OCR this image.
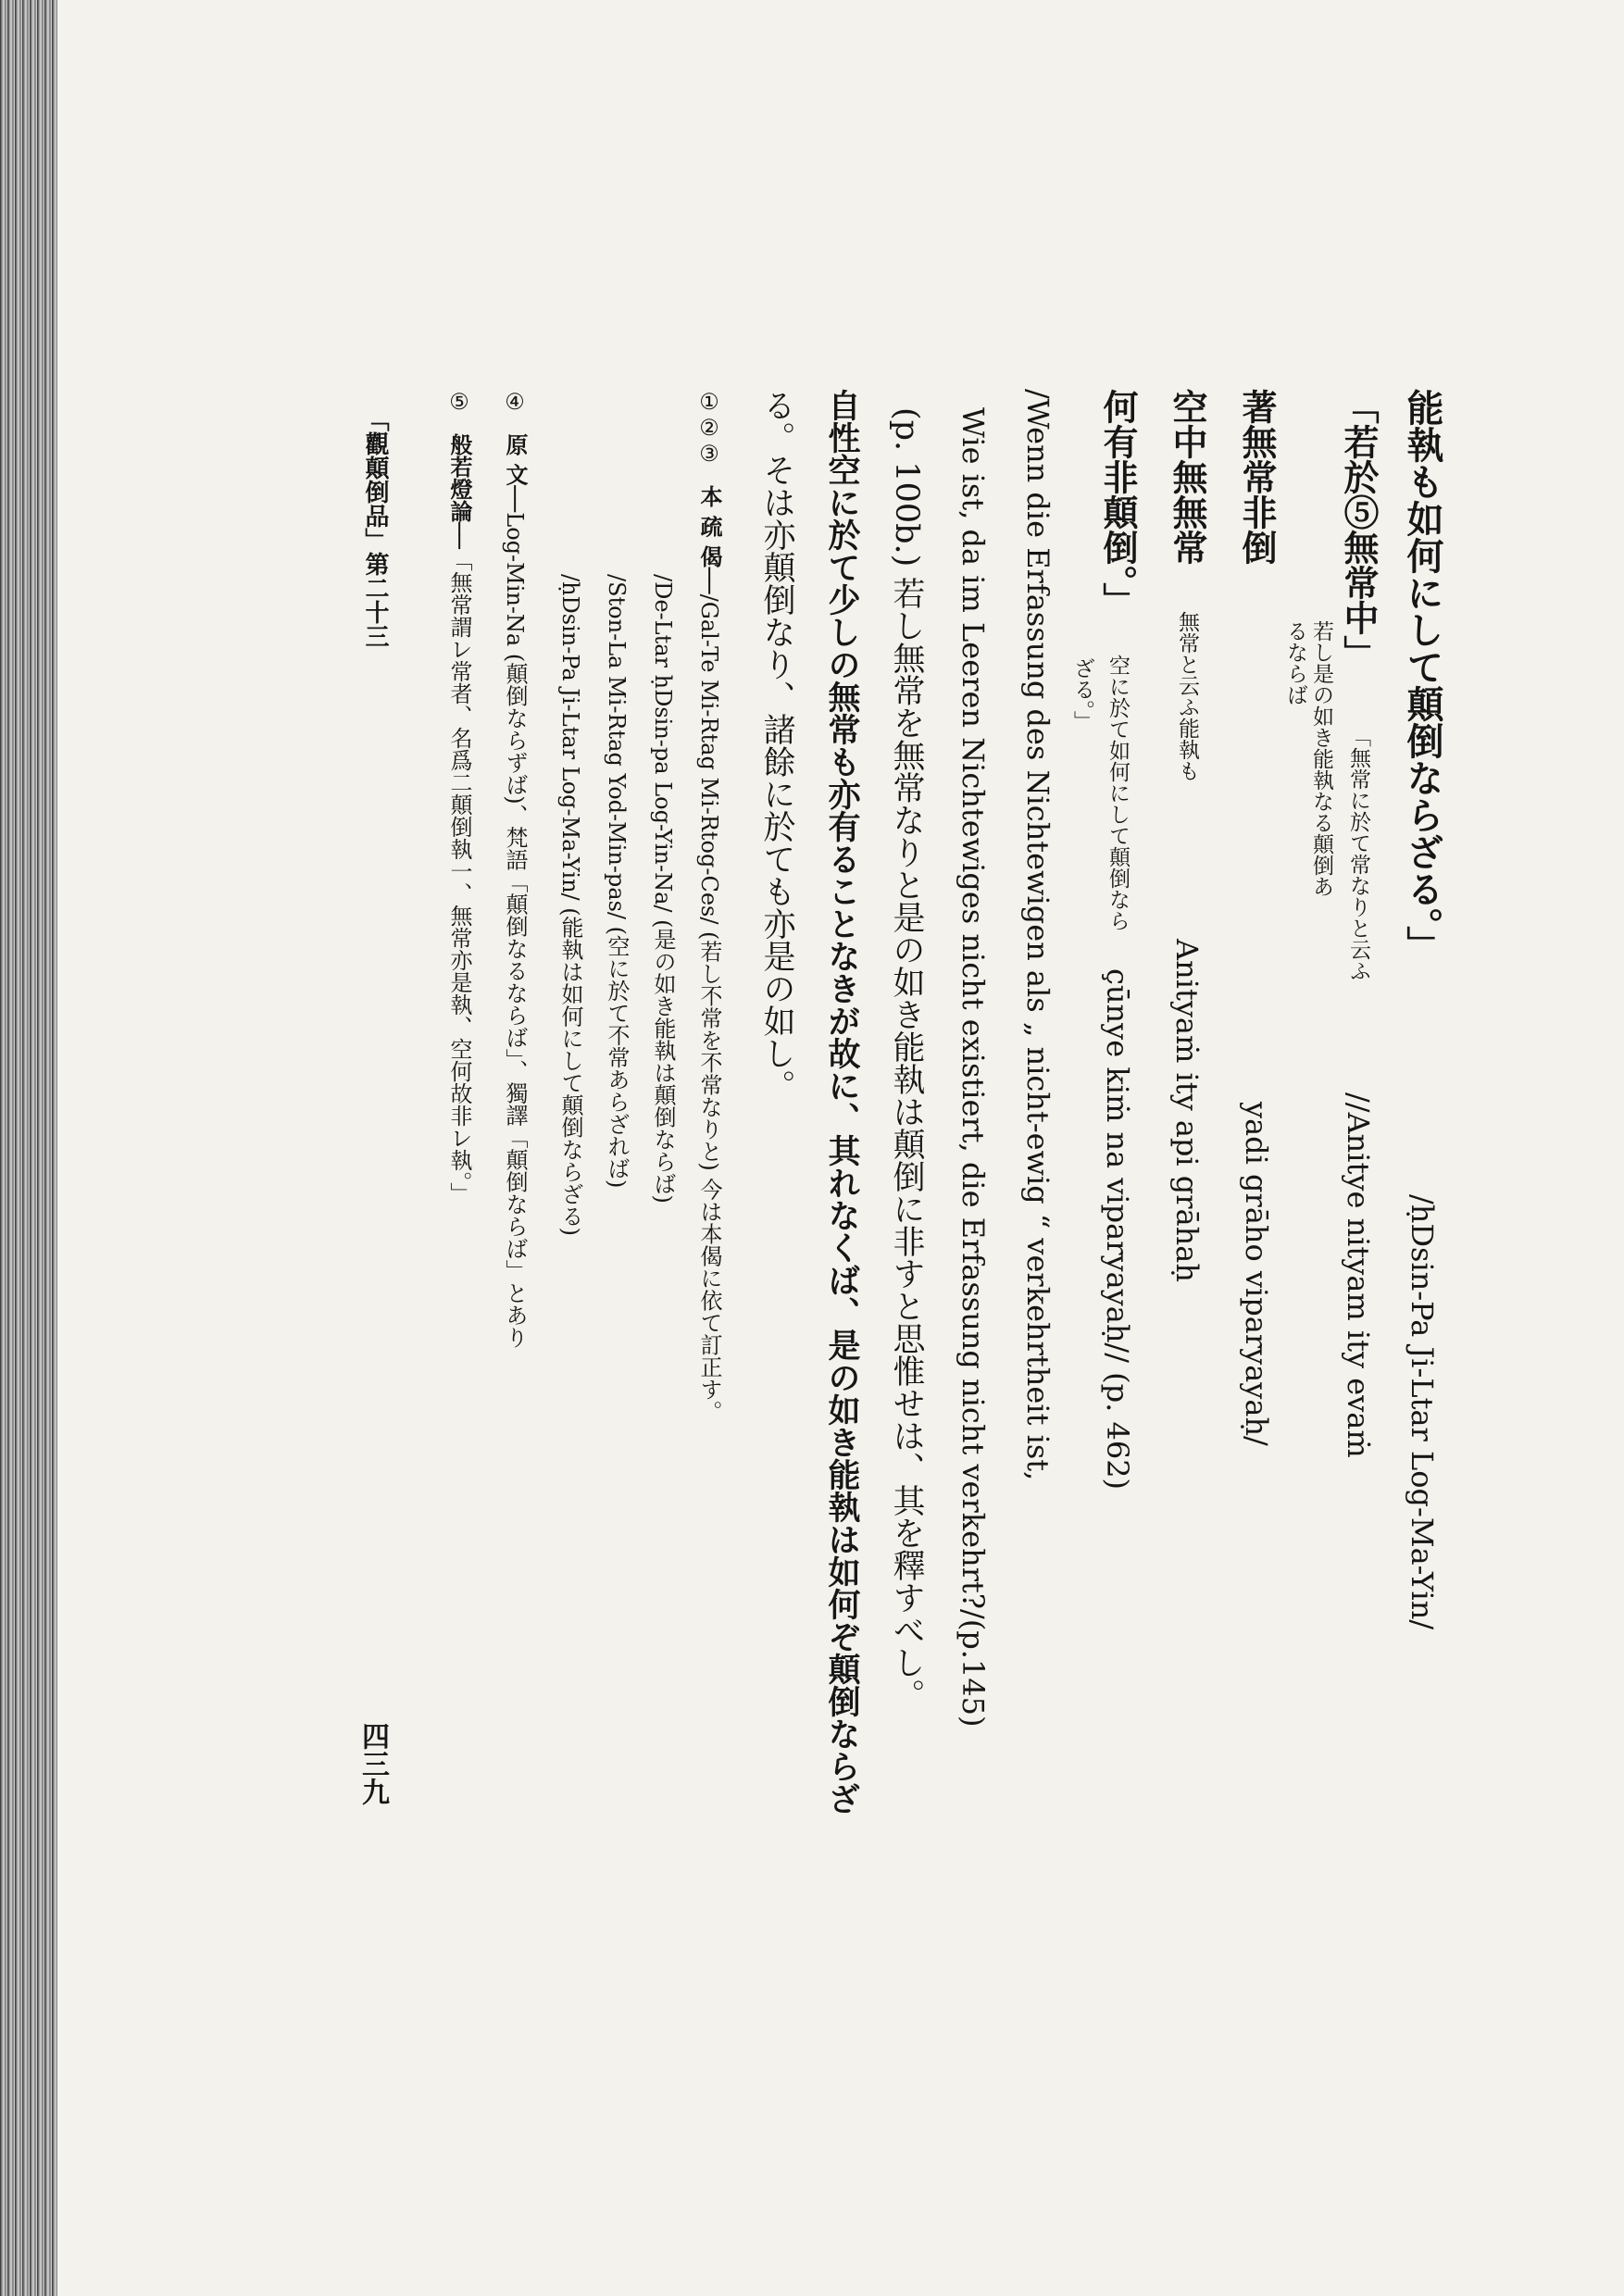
能執も如何にして顛倒ならざる。」/ḥDsin-Pa Ji-Ltar Log-Ma-Yin/
「若於⑤無常中」「無常に於て常なりと云ふ//Anitye nityam ity evaṁ
若し是の如き能執なる顛倒あ
るならば
著無常非倒yadi grāho viparyayaḥ/
空中無無常無常と云ふ能執もAnityaṁ ity api grāhaḥ
何有非顛倒。」空に於て如何にして顛倒ならçūnye kiṁ na viparyayaḥ// (p. 462)
ざる。」
/Wenn die Erfassung des Nichtewigen als „ nicht-ewig “ verkehrtheit ist,
Wie ist, da im Leeren Nichtewiges nicht existiert, die Erfassung nicht verkehrt?/(p.145)
(p. 100b.) 若し無常を無常なりと是の如き能執は顛倒に非すと思惟せは、其を釋すべし。
自性空に於て少しの無常も亦有ることなきが故に、其れなくば、是の如き能執は如何ぞ顛倒ならざ
る。そは亦顛倒なり、諸餘に於ても亦是の如し。
①②③本 疏 偈──/Gal-Te Mi-Rtag Mi-Rtog-Ces/ (若し不常を不常なりと) 今は本偈に依て訂正す。
/De-Ltar ḥDsin-pa Log-Yin-Na/ (是の如き能執は顛倒ならば)
/Ston-La Mi-Rtag Yod-Min-pas/ (空に於て不常あらざれば)
/ḥDsin-Pa Ji-Ltar Log-Ma-Yin/ (能執は如何にして顛倒ならざる)
④原 文──Log-Min-Na (顛倒ならずば)、梵語「顛倒なるならば」、獨譯「顛倒ならば」とあり
⑤般若燈論──「無常謂レ常者、名爲二顛倒執一、無常亦是執、空何故非レ執。」
「觀顛倒品」第二十三
四三九
